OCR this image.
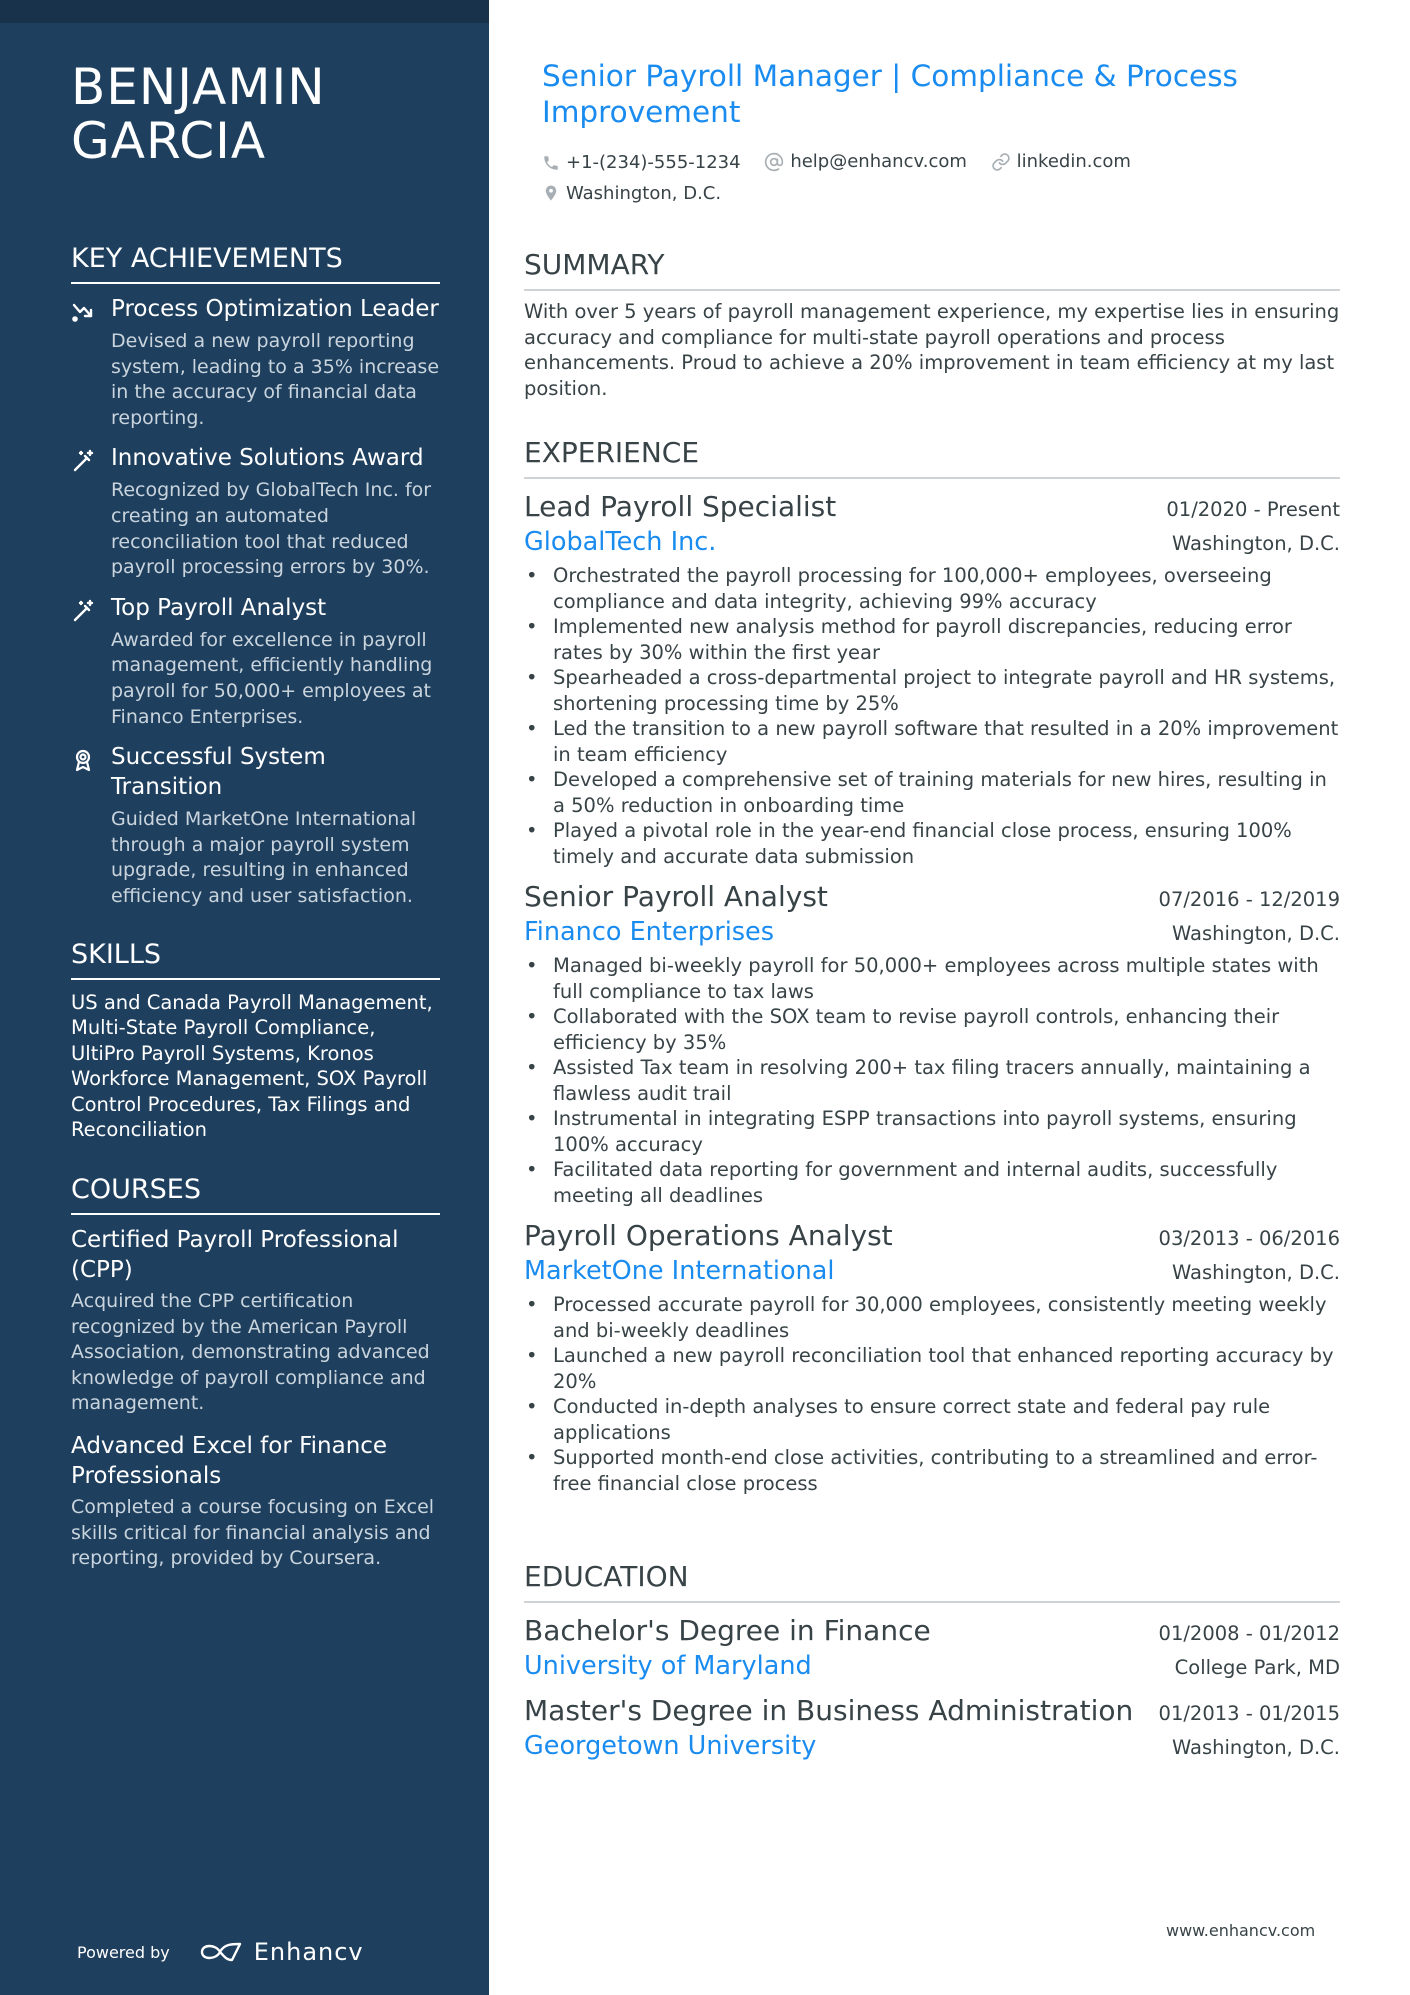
BENJAMIN
GARCIA
KEY ACHIEVEMENTS
Process Optimization Leader
Devised a new payroll reporting system, leading to a 35% increase in the accuracy of financial data reporting.
Innovative Solutions Award
Recognized by GlobalTech Inc. for creating an automated reconciliation tool that reduced payroll processing errors by 30%.
Top Payroll Analyst
Awarded for excellence in payroll management, efficiently handling payroll for 50,000+ employees at Financo Enterprises.
Successful System Transition
Guided MarketOne International through a major payroll system upgrade, resulting in enhanced efficiency and user satisfaction.
SKILLS
US and Canada Payroll Management, Multi-State Payroll Compliance, UltiPro Payroll Systems, Kronos Workforce Management, SOX Payroll Control Procedures, Tax Filings and Reconciliation
COURSES
Certified Payroll Professional (CPP)
Acquired the CPP certification recognized by the American Payroll Association, demonstrating advanced knowledge of payroll compliance and management.
Advanced Excel for Finance Professionals
Completed a course focusing on Excel skills critical for financial analysis and reporting, provided by Coursera.
Powered by	Enhancv
Senior Payroll Manager | Compliance & Process Improvement
+1-(234)-555-1234
	help@enhancv.com
	linkedin.com

Washington, D.C.
SUMMARY
With over 5 years of payroll management experience, my expertise lies in ensuring accuracy and compliance for multi-state payroll operations and process enhancements. Proud to achieve a 20% improvement in team efficiency at my last position.
EXPERIENCE
Lead Payroll Specialist	01/2020 - Present
GlobalTech Inc.	Washington, D.C.
• Orchestrated the payroll processing for 100,000+ employees, overseeing compliance and data integrity, achieving 99% accuracy
• Implemented new analysis method for payroll discrepancies, reducing error rates by 30% within the first year
• Spearheaded a cross-departmental project to integrate payroll and HR systems, shortening processing time by 25%
• Led the transition to a new payroll software that resulted in a 20% improvement in team efficiency
• Developed a comprehensive set of training materials for new hires, resulting in a 50% reduction in onboarding time
• Played a pivotal role in the year-end financial close process, ensuring 100% timely and accurate data submission
Senior Payroll Analyst	07/2016 - 12/2019
Financo Enterprises	Washington, D.C.
• Managed bi-weekly payroll for 50,000+ employees across multiple states with full compliance to tax laws
• Collaborated with the SOX team to revise payroll controls, enhancing their efficiency by 35%
• Assisted Tax team in resolving 200+ tax filing tracers annually, maintaining a flawless audit trail
• Instrumental in integrating ESPP transactions into payroll systems, ensuring 100% accuracy
• Facilitated data reporting for government and internal audits, successfully meeting all deadlines
Payroll Operations Analyst	03/2013 - 06/2016
MarketOne International	Washington, D.C.
• Processed accurate payroll for 30,000 employees, consistently meeting weekly and bi-weekly deadlines
• Launched a new payroll reconciliation tool that enhanced reporting accuracy by 20%
• Conducted in-depth analyses to ensure correct state and federal pay rule applications
• Supported month-end close activities, contributing to a streamlined and error-free financial close process
EDUCATION
Bachelor's Degree in Finance	01/2008 - 01/2012
University of Maryland	College Park, MD
Master's Degree in Business Administration 01/2013 - 01/2015
Georgetown University	Washington, D.C.
www.enhancv.com
